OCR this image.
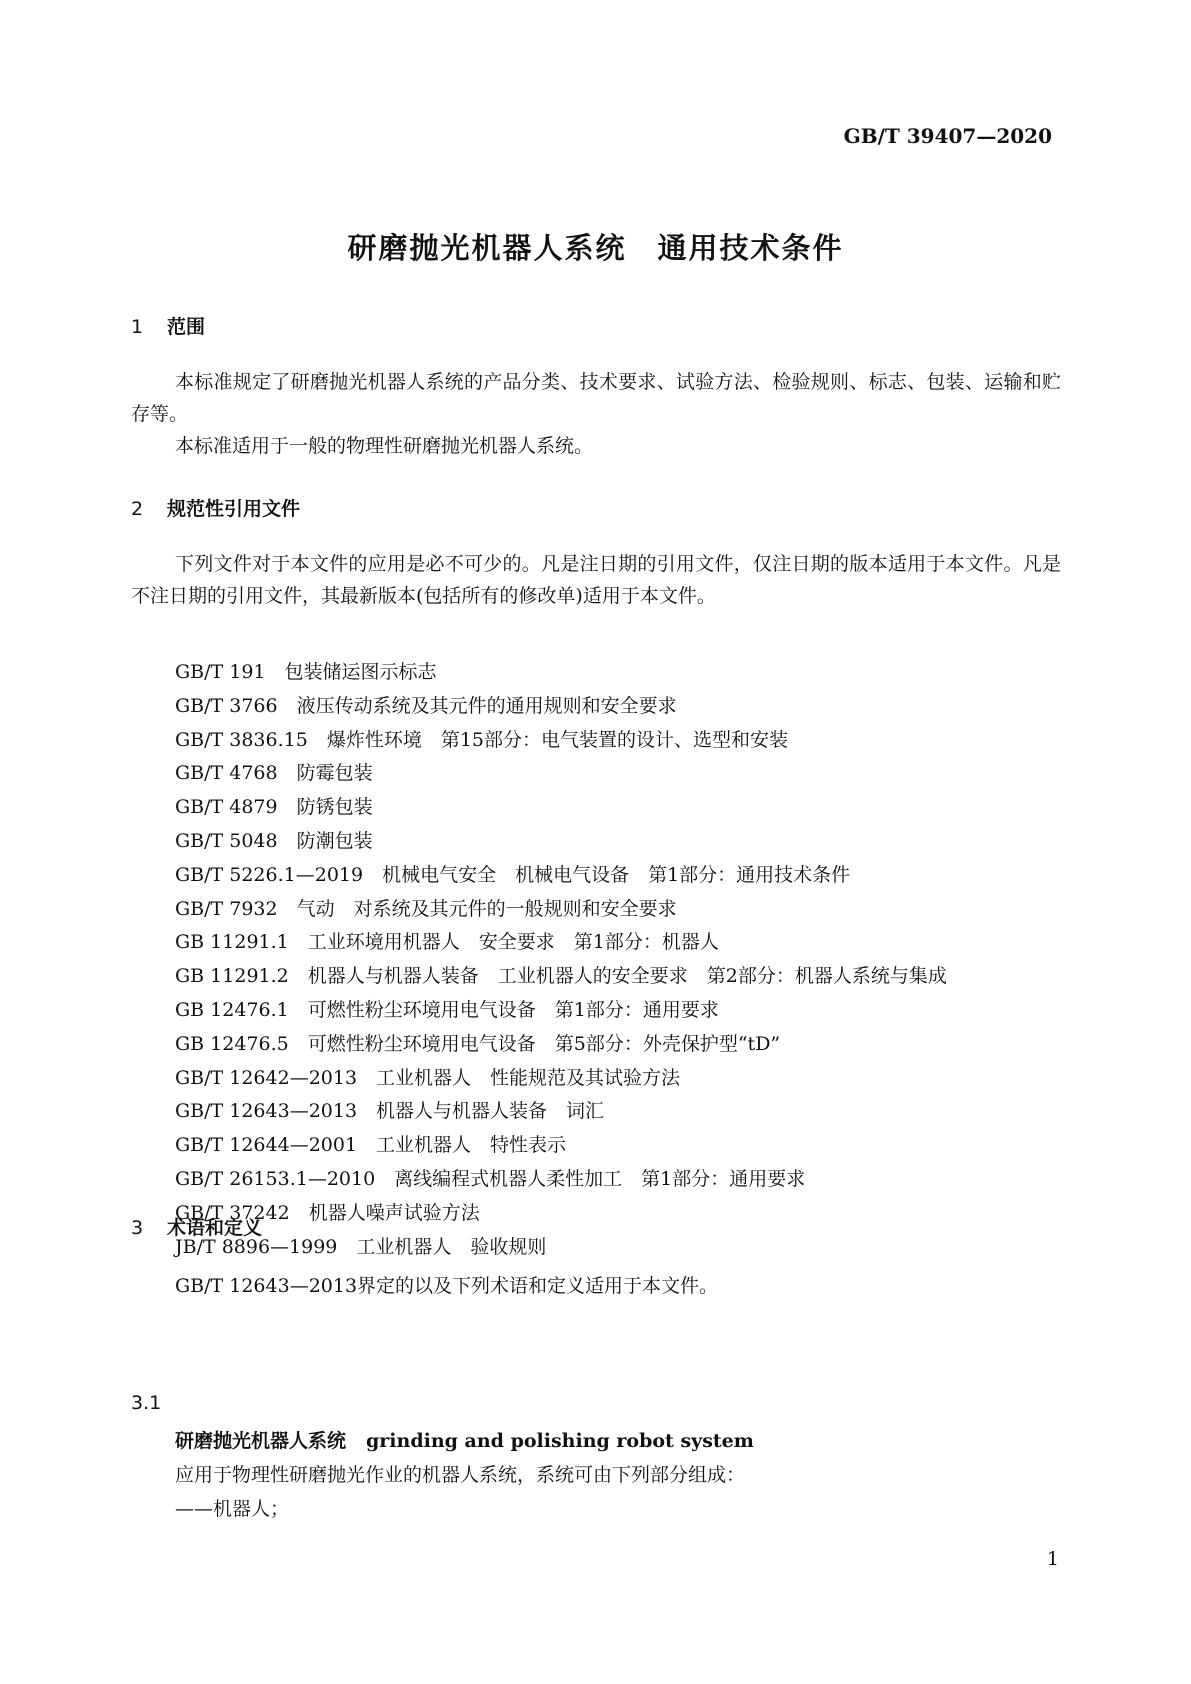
GB/T 39407—2020
研磨抛光机器人系统　通用技术条件
1 范围
本标准规定了研磨抛光机器人系统的产品分类、技术要求、试验方法、检验规则、标志、包装、运输和贮存等。
本标准适用于一般的物理性研磨抛光机器人系统。
2 规范性引用文件
下列文件对于本文件的应用是必不可少的。凡是注日期的引用文件，仅注日期的版本适用于本文件。凡是不注日期的引用文件，其最新版本(包括所有的修改单)适用于本文件。
GB/T 191　包装储运图示标志
GB/T 3766　液压传动系统及其元件的通用规则和安全要求
GB/T 3836.15　爆炸性环境　第15部分：电气装置的设计、选型和安装
GB/T 4768　防霉包装
GB/T 4879　防锈包装
GB/T 5048　防潮包装
GB/T 5226.1—2019　机械电气安全　机械电气设备　第1部分：通用技术条件
GB/T 7932　气动　对系统及其元件的一般规则和安全要求
GB 11291.1　工业环境用机器人　安全要求　第1部分：机器人
GB 11291.2　机器人与机器人装备　工业机器人的安全要求　第2部分：机器人系统与集成
GB 12476.1　可燃性粉尘环境用电气设备　第1部分：通用要求
GB 12476.5　可燃性粉尘环境用电气设备　第5部分：外壳保护型“tD”
GB/T 12642—2013　工业机器人　性能规范及其试验方法
GB/T 12643—2013　机器人与机器人装备　词汇
GB/T 12644—2001　工业机器人　特性表示
GB/T 26153.1—2010　离线编程式机器人柔性加工　第1部分：通用要求
GB/T 37242　机器人噪声试验方法
JB/T 8896—1999　工业机器人　验收规则
3 术语和定义
GB/T 12643—2013界定的以及下列术语和定义适用于本文件。
3.1
研磨抛光机器人系统 grinding and polishing robot system
应用于物理性研磨抛光作业的机器人系统，系统可由下列部分组成：
——机器人；
1
